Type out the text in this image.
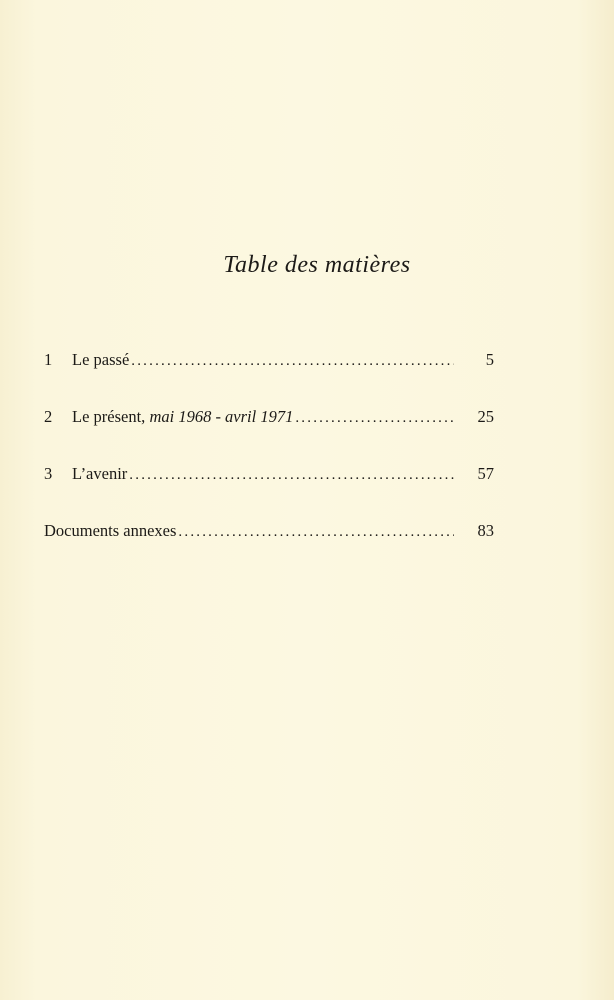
Table des matières
1	Le passé .....	5
2	Le présent, mai 1968 - avril 1971 .....	25
3	L’avenir .....	57
Documents annexes .....	83
